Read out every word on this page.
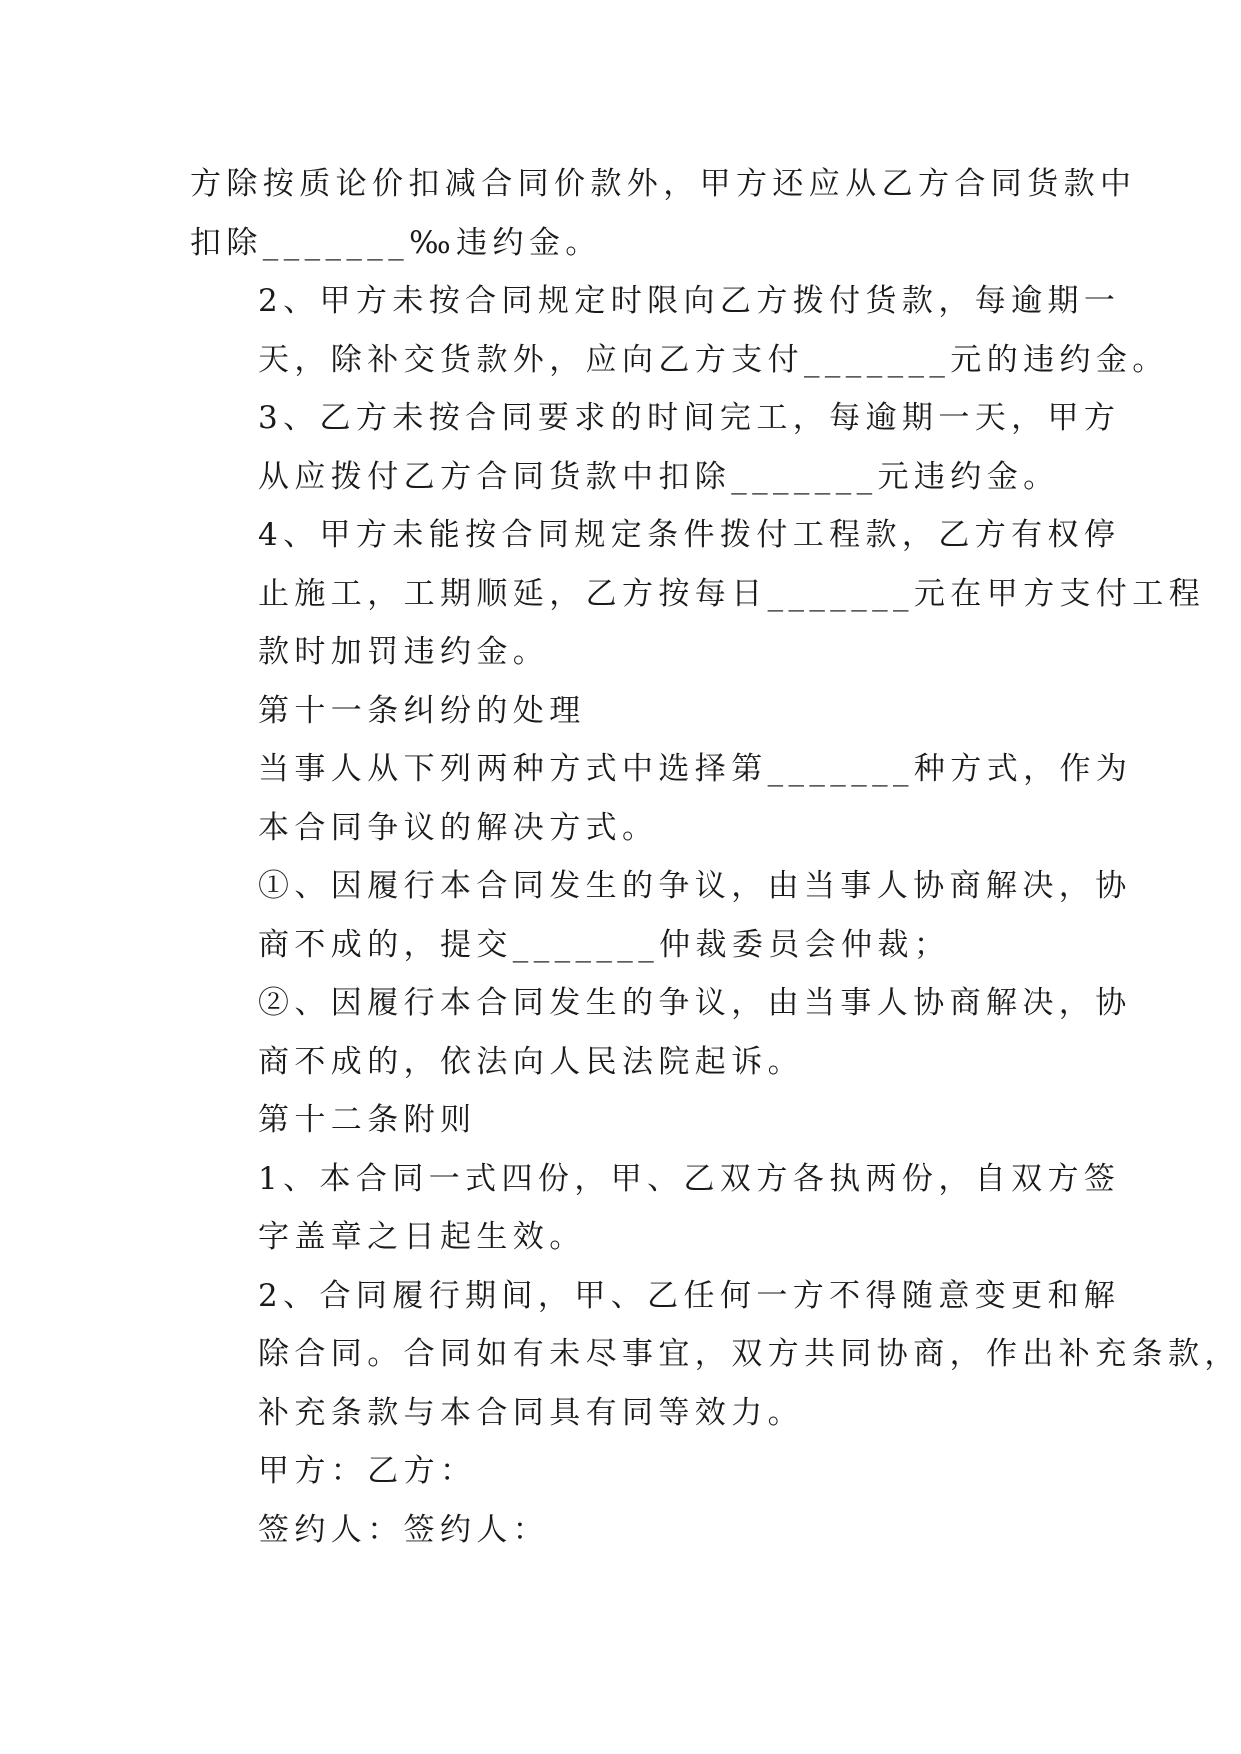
方除按质论价扣减合同价款外，甲方还应从乙方合同货款中
扣除_______‰违约金。

2、甲方未按合同规定时限向乙方拨付货款，每逾期一
天，除补交货款外，应向乙方支付_______元的违约金。

3、乙方未按合同要求的时间完工，每逾期一天，甲方
从应拨付乙方合同货款中扣除_______元违约金。

4、甲方未能按合同规定条件拨付工程款，乙方有权停
止施工，工期顺延，乙方按每日_______元在甲方支付工程
款时加罚违约金。

第十一条纠纷的处理

当事人从下列两种方式中选择第_______种方式，作为
本合同争议的解决方式。

①、因履行本合同发生的争议，由当事人协商解决，协
商不成的，提交_______仲裁委员会仲裁；

②、因履行本合同发生的争议，由当事人协商解决，协
商不成的，依法向人民法院起诉。

第十二条附则

1、本合同一式四份，甲、乙双方各执两份，自双方签
字盖章之日起生效。

2、合同履行期间，甲、乙任何一方不得随意变更和解
除合同。合同如有未尽事宜，双方共同协商，作出补充条款，
补充条款与本合同具有同等效力。

甲方：乙方：

签约人：签约人：
